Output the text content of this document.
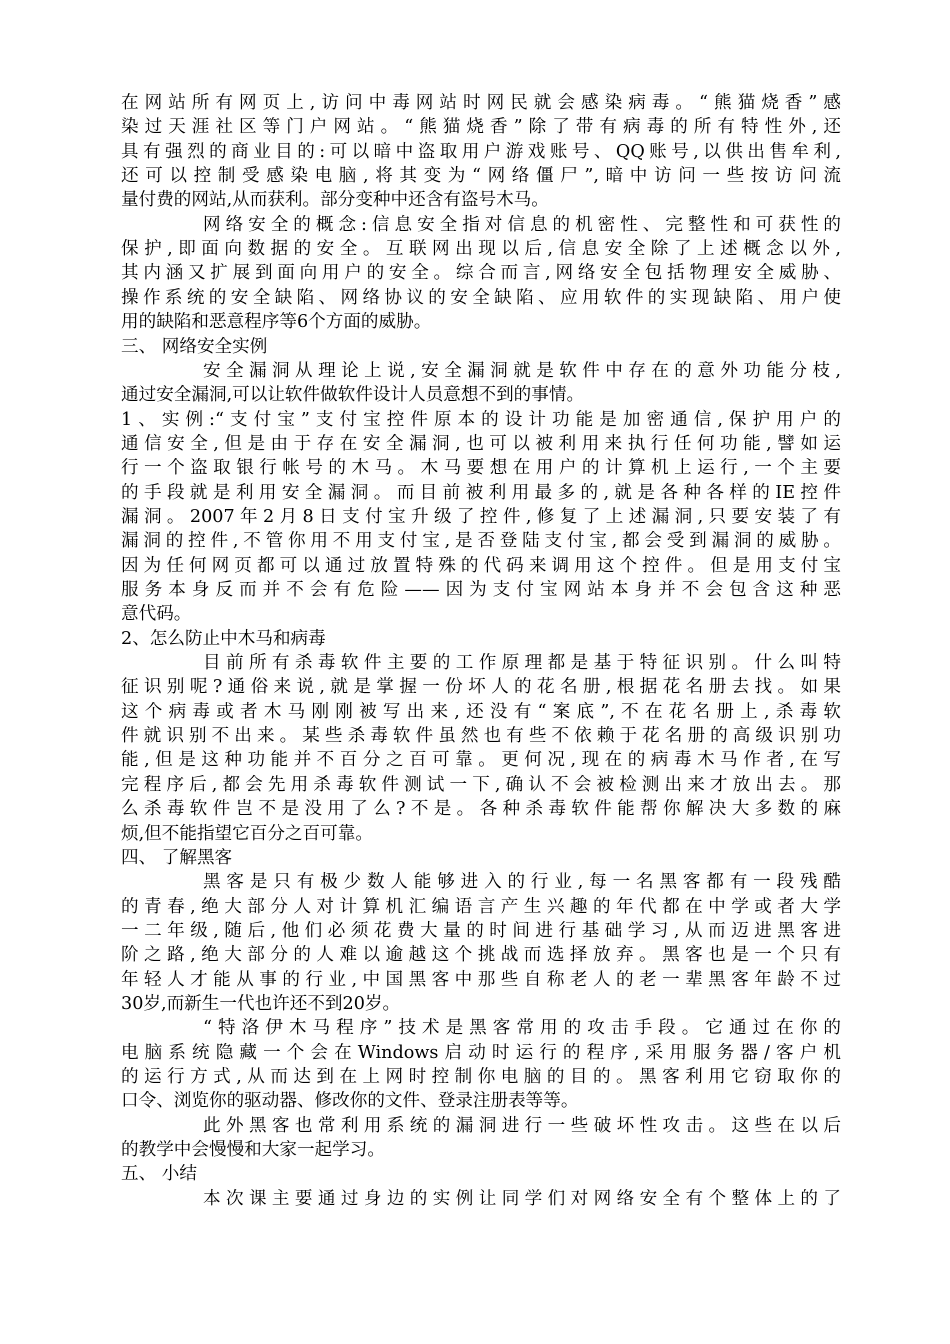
在网站所有网页上,访问中毒网站时网民就会感染病毒。“熊猫烧香”感
染过天涯社区等门户网站。“熊猫烧香”除了带有病毒的所有特性外,还
具有强烈的商业目的:可以暗中盗取用户游戏账号、QQ账号,以供出售牟利,
还可以控制受感染电脑,将其变为“网络僵尸”,暗中访问一些按访问流
量付费的网站,从而获利。部分变种中还含有盗号木马。
网络安全的概念:信息安全指对信息的机密性、完整性和可获性的
保护,即面向数据的安全。互联网出现以后,信息安全除了上述概念以外,
其内涵又扩展到面向用户的安全。综合而言,网络安全包括物理安全威胁、
操作系统的安全缺陷、网络协议的安全缺陷、应用软件的实现缺陷、用户使
用的缺陷和恶意程序等6个方面的威胁。
三、 网络安全实例
安全漏洞从理论上说,安全漏洞就是软件中存在的意外功能分枝,
通过安全漏洞,可以让软件做软件设计人员意想不到的事情。
1、实例:“支付宝”支付宝控件原本的设计功能是加密通信,保护用户的
通信安全,但是由于存在安全漏洞,也可以被利用来执行任何功能,譬如运
行一个盗取银行帐号的木马。木马要想在用户的计算机上运行,一个主要
的手段就是利用安全漏洞。而目前被利用最多的,就是各种各样的IE控件
漏洞。2007年2月8日支付宝升级了控件,修复了上述漏洞,只要安装了有
漏洞的控件,不管你用不用支付宝,是否登陆支付宝,都会受到漏洞的威胁。
因为任何网页都可以通过放置特殊的代码来调用这个控件。但是用支付宝
服务本身反而并不会有危险——因为支付宝网站本身并不会包含这种恶
意代码。
2、怎么防止中木马和病毒
目前所有杀毒软件主要的工作原理都是基于特征识别。什么叫特
征识别呢?通俗来说,就是掌握一份坏人的花名册,根据花名册去找。如果
这个病毒或者木马刚刚被写出来,还没有“案底”,不在花名册上,杀毒软
件就识别不出来。某些杀毒软件虽然也有些不依赖于花名册的高级识别功
能,但是这种功能并不百分之百可靠。更何况,现在的病毒木马作者,在写
完程序后,都会先用杀毒软件测试一下,确认不会被检测出来才放出去。那
么杀毒软件岂不是没用了么?不是。各种杀毒软件能帮你解决大多数的麻
烦,但不能指望它百分之百可靠。
四、 了解黑客
黑客是只有极少数人能够进入的行业,每一名黑客都有一段残酷
的青春,绝大部分人对计算机汇编语言产生兴趣的年代都在中学或者大学
一二年级,随后,他们必须花费大量的时间进行基础学习,从而迈进黑客进
阶之路,绝大部分的人难以逾越这个挑战而选择放弃。黑客也是一个只有
年轻人才能从事的行业,中国黑客中那些自称老人的老一辈黑客年龄不过
30岁,而新生一代也许还不到20岁。
“特洛伊木马程序”技术是黑客常用的攻击手段。它通过在你的
电脑系统隐藏一个会在Windows启动时运行的程序,采用服务器/客户机
的运行方式,从而达到在上网时控制你电脑的目的。黑客利用它窃取你的
口令、浏览你的驱动器、修改你的文件、登录注册表等等。
此外黑客也常利用系统的漏洞进行一些破坏性攻击。这些在以后
的教学中会慢慢和大家一起学习。
五、 小结
本次课主要通过身边的实例让同学们对网络安全有个整体上的了
